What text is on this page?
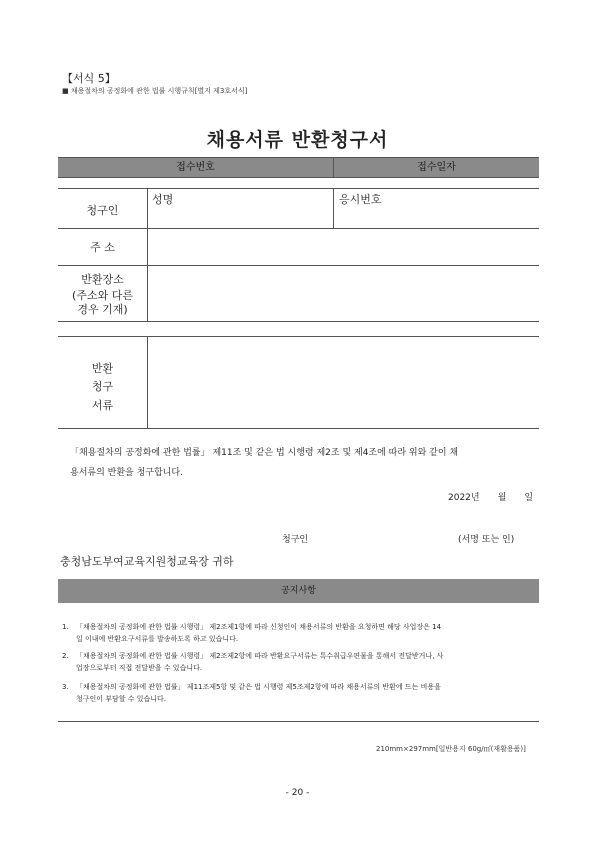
【서식 5】
■ 채용절차의 공정화에 관한 법률 시행규칙[별지 제3호서식]
채용서류 반환청구서
접수번호	접수일자
청구인
성명	응시번호
주 소
반환장소
(주소와 다른
경우 기재)
반환
청구
서류
「채용절차의 공정화에 관한 법률」 제11조 및 같은 법 시행령 제2조 및 제4조에 따라 위와 같이 채
용서류의 반환을 청구합니다.
2022년 월 일
청구인	(서명 또는 인)
충청남도부여교육지원청교육장 귀하
공지사항
1. 「채용절차의 공정화에 관한 법률 시행령」 제2조제1항에 따라 신청인이 채용서류의 반환을 요청하면 해당 사업장은 14
일 이내에 반환요구서류를 발송하도록 하고 있습니다.
2. 「채용절차의 공정화에 관한 법률 시행령」 제2조제2항에 따라 반환요구서류는 특수취급우편물을 통해서 전달받거나, 사
업장으로부터 직접 전달받을 수 있습니다.
3. 「채용절차의 공정화에 관한 법률」 제11조제5항 및 같은 법 시행령 제5조제2항에 따라 채용서류의 반환에 드는 비용을
청구인이 부담할 수 있습니다.
210mm×297mm[일반용지 60g/㎡(재활용품)]
- 20 -
